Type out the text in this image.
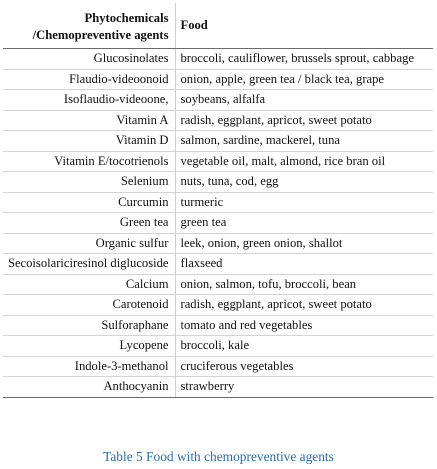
Phytochemicals /Chemopreventive agents	Food
Glucosinolates	broccoli, cauliflower, brussels sprout, cabbage
Flaudio-videoonoid	onion, apple, green tea / black tea, grape
Isoflaudio-videoone,	soybeans, alfalfa
Vitamin A	radish, eggplant, apricot, sweet potato
Vitamin D	salmon, sardine, mackerel, tuna
Vitamin E/tocotrienols	vegetable oil, malt, almond, rice bran oil
Selenium	nuts, tuna, cod, egg
Curcumin	turmeric
Green tea	green tea
Organic sulfur	leek, onion, green onion, shallot
Secoisolariciresinol diglucoside	flaxseed
Calcium	onion, salmon, tofu, broccoli, bean
Carotenoid	radish, eggplant, apricot, sweet potato
Sulforaphane	tomato and red vegetables
Lycopene	broccoli, kale
Indole-3-methanol	cruciferous vegetables
Anthocyanin	strawberry
Table 5 Food with chemopreventive agents
